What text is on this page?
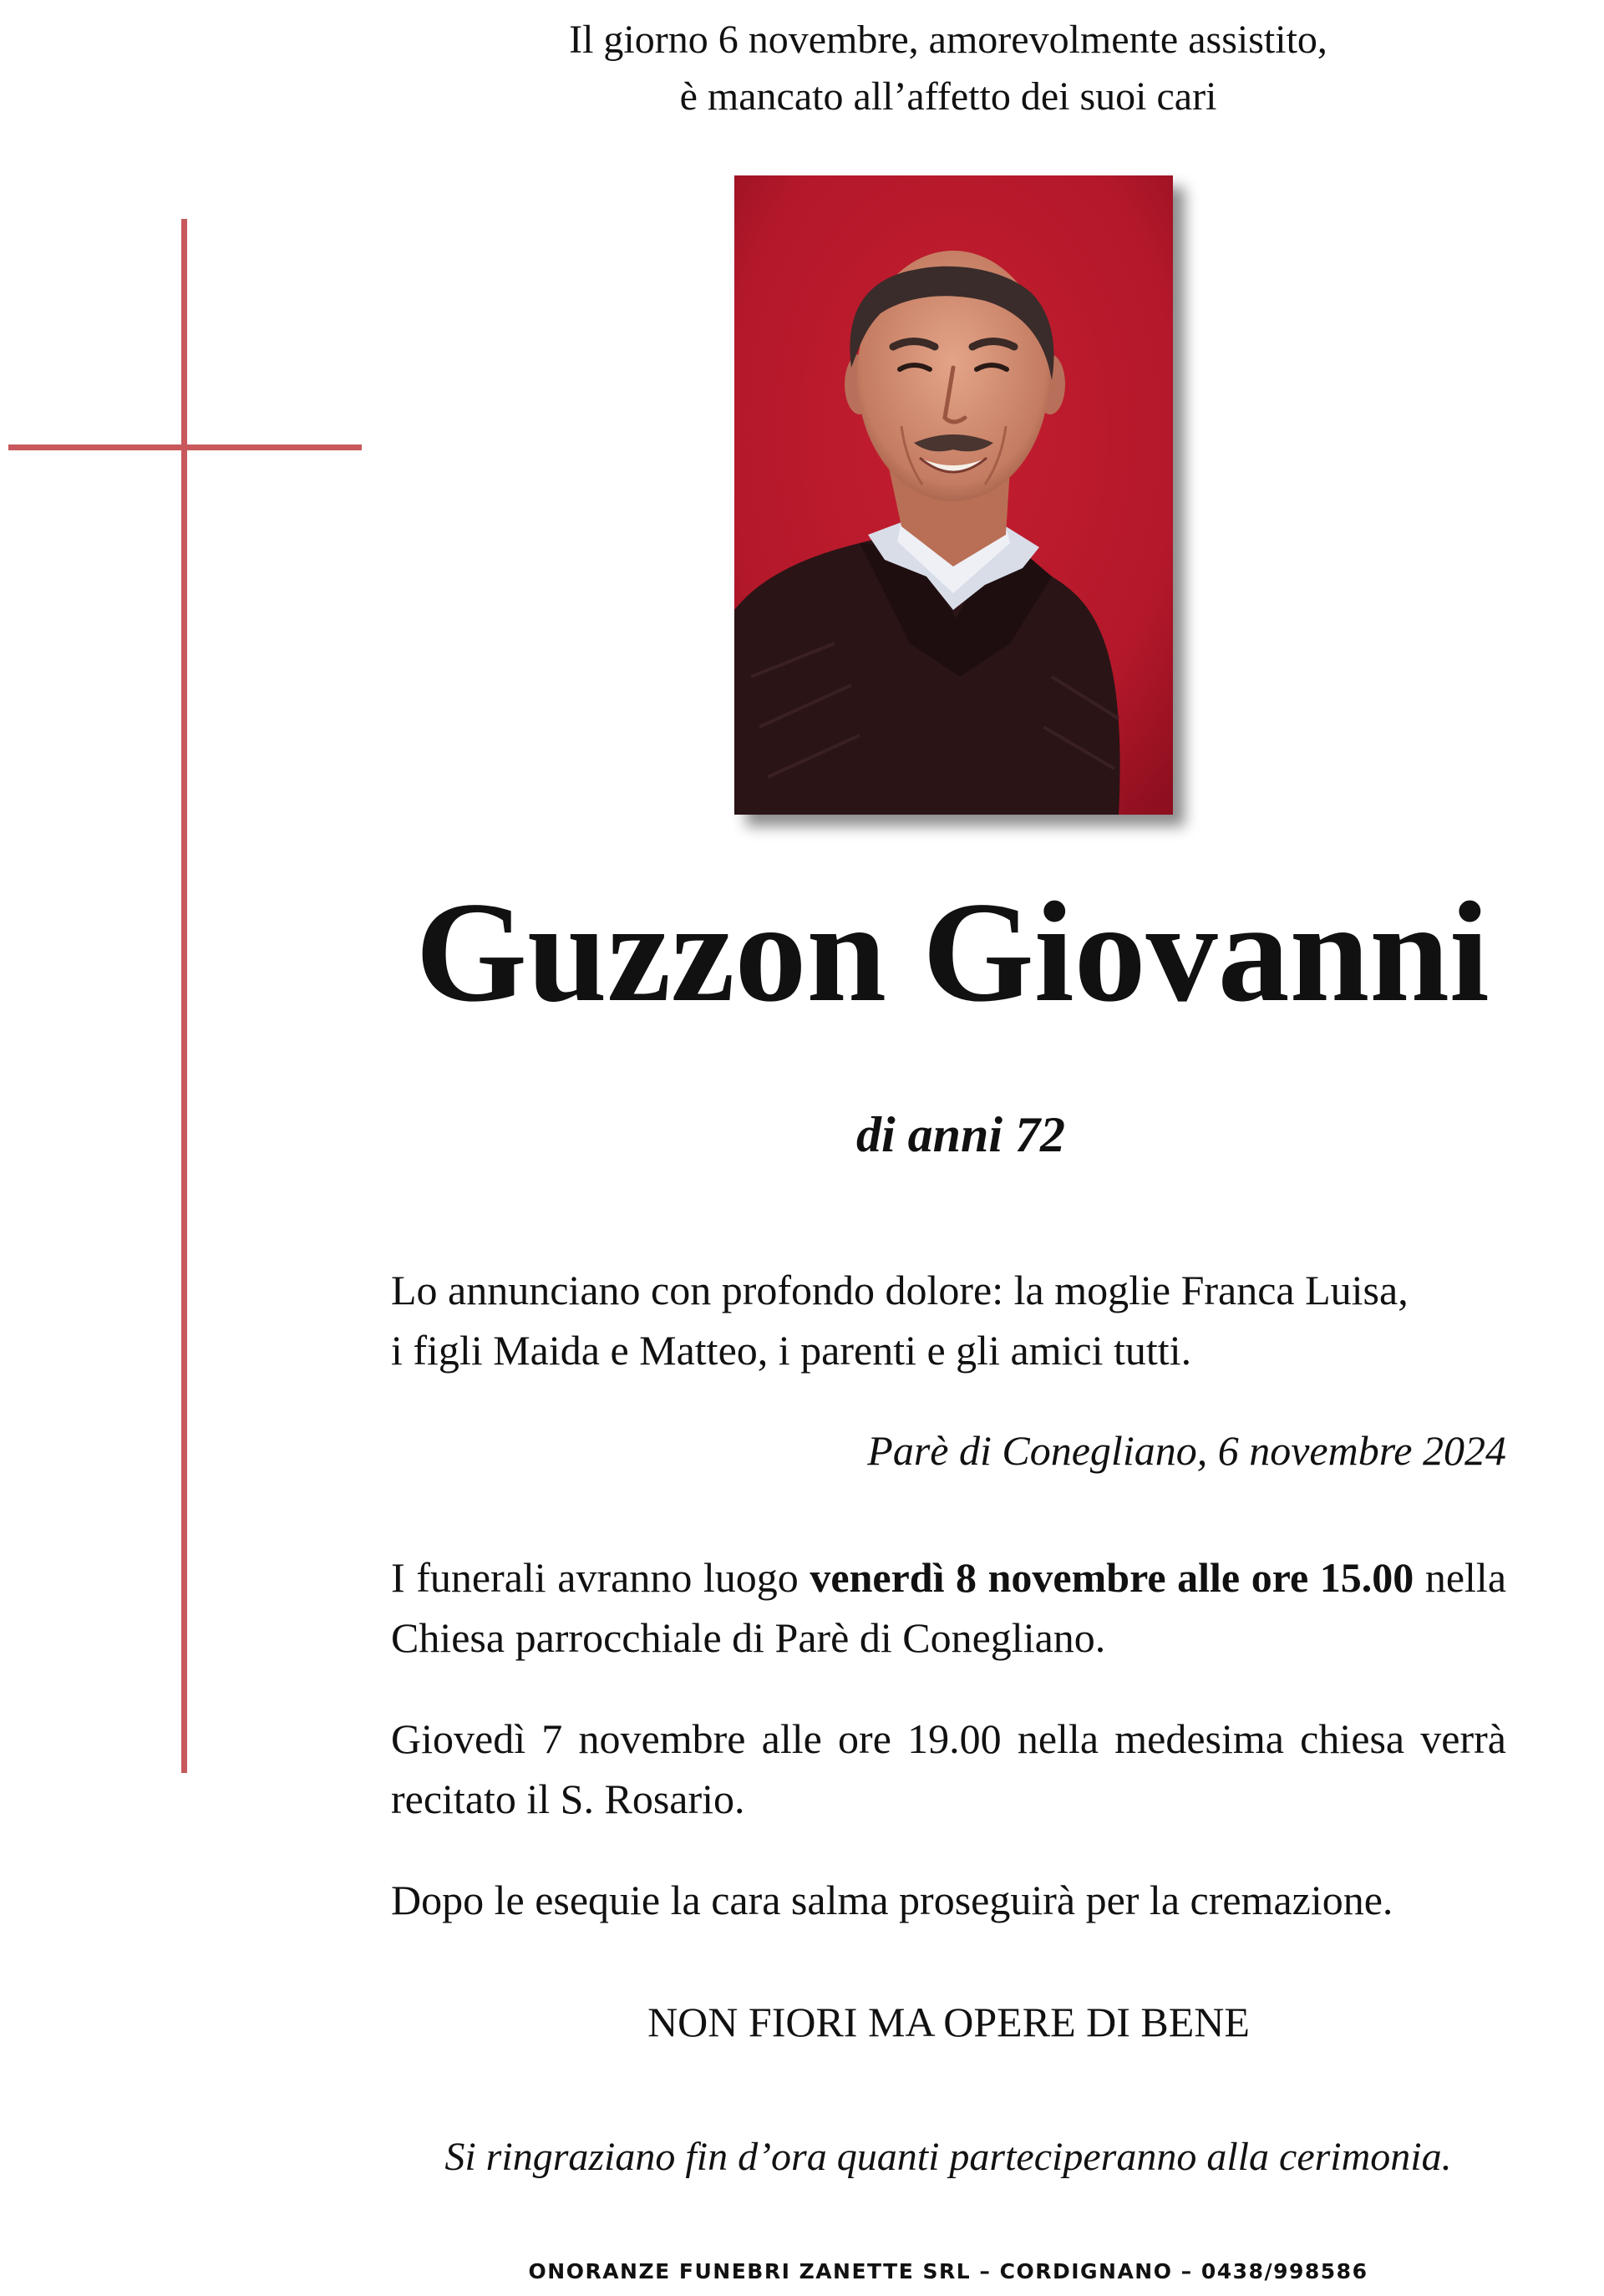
Il giorno 6 novembre, amorevolmente assistito,
è mancato all’affetto dei suoi cari
Guzzon Giovanni
di anni 72
Lo annunciano con profondo dolore: la moglie Franca Luisa,
i figli Maida e Matteo, i parenti e gli amici tutti.
Parè di Conegliano, 6 novembre 2024
I funerali avranno luogo venerdì 8 novembre alle ore 15.00 nella Chiesa parrocchiale di Parè di Conegliano.
Giovedì 7 novembre alle ore 19.00 nella medesima chiesa verrà recitato il S. Rosario.
Dopo le esequie la cara salma proseguirà per la cremazione.
NON FIORI MA OPERE DI BENE
Si ringraziano fin d’ora quanti parteciperanno alla cerimonia.
ONORANZE FUNEBRI ZANETTE SRL – CORDIGNANO – 0438/998586
